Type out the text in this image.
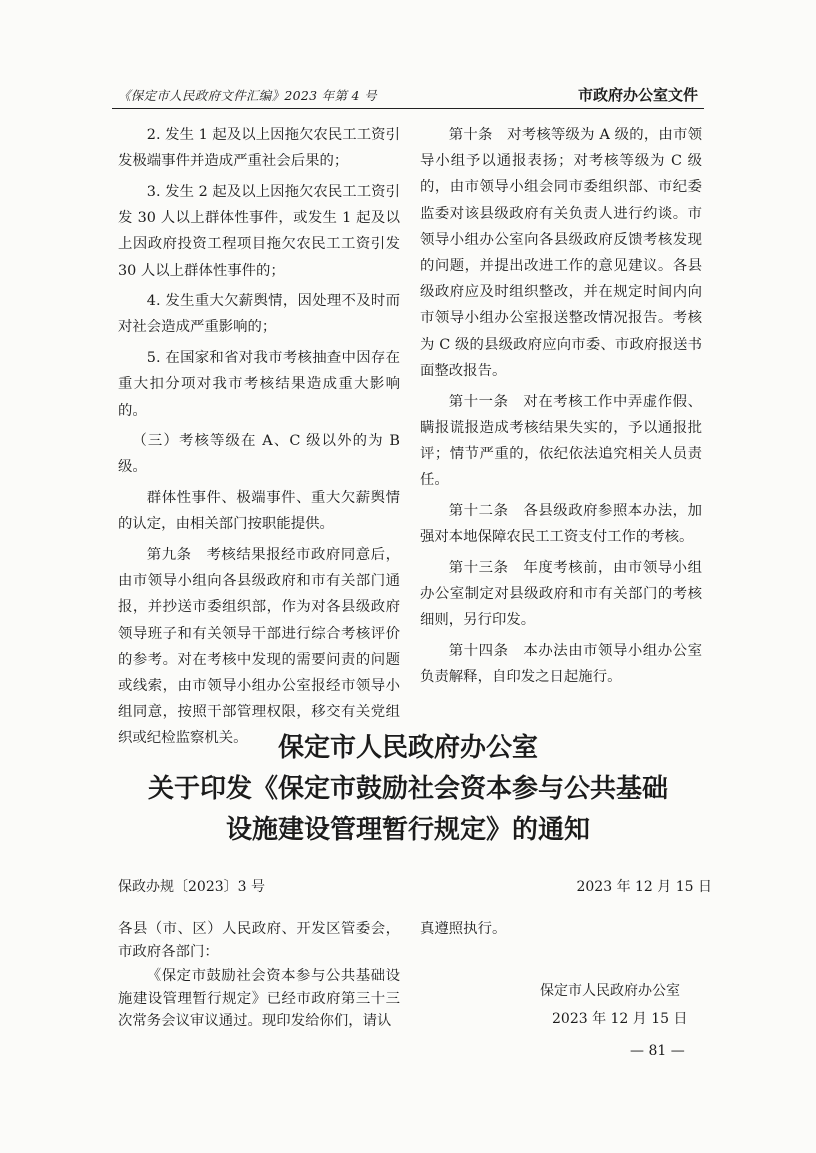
《保定市人民政府文件汇编》2023 年第 4 号	市政府办公室文件

2. 发生 1 起及以上因拖欠农民工工资引发极端事件并造成严重社会后果的；

3. 发生 2 起及以上因拖欠农民工工资引发 30 人以上群体性事件，或发生 1 起及以上因政府投资工程项目拖欠农民工工资引发 30 人以上群体性事件的；

4. 发生重大欠薪舆情，因处理不及时而对社会造成严重影响的；

5. 在国家和省对我市考核抽查中因存在重大扣分项对我市考核结果造成重大影响的。

（三）考核等级在 A、C 级以外的为 B 级。

群体性事件、极端事件、重大欠薪舆情的认定，由相关部门按职能提供。

第九条　考核结果报经市政府同意后，由市领导小组向各县级政府和市有关部门通报，并抄送市委组织部，作为对各县级政府领导班子和有关领导干部进行综合考核评价的参考。对在考核中发现的需要问责的问题或线索，由市领导小组办公室报经市领导小组同意，按照干部管理权限，移交有关党组织或纪检监察机关。

第十条　对考核等级为 A 级的，由市领导小组予以通报表扬；对考核等级为 C 级的，由市领导小组会同市委组织部、市纪委监委对该县级政府有关负责人进行约谈。市领导小组办公室向各县级政府反馈考核发现的问题，并提出改进工作的意见建议。各县级政府应及时组织整改，并在规定时间内向市领导小组办公室报送整改情况报告。考核为 C 级的县级政府应向市委、市政府报送书面整改报告。

第十一条　对在考核工作中弄虚作假、瞒报谎报造成考核结果失实的，予以通报批评；情节严重的，依纪依法追究相关人员责任。

第十二条　各县级政府参照本办法，加强对本地保障农民工工资支付工作的考核。

第十三条　年度考核前，由市领导小组办公室制定对县级政府和市有关部门的考核细则，另行印发。

第十四条　本办法由市领导小组办公室负责解释，自印发之日起施行。

保定市人民政府办公室
关于印发《保定市鼓励社会资本参与公共基础
设施建设管理暂行规定》的通知
保政办规〔2023〕3 号	2023 年 12 月 15 日

各县（市、区）人民政府、开发区管委会，市政府各部门：

《保定市鼓励社会资本参与公共基础设施建设管理暂行规定》已经市政府第三十三次常务会议审议通过。现印发给你们，请认

真遵照执行。

保定市人民政府办公室
2023 年 12 月 15 日
— 81 —
